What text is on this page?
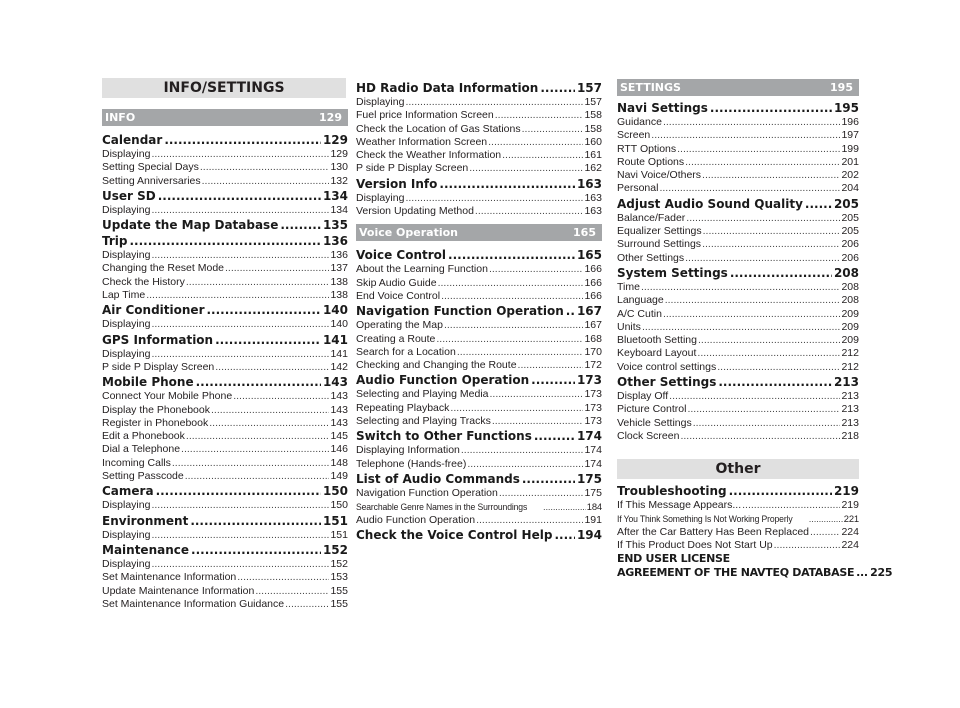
INFO/SETTINGS
INFO	129
Calendar .....	129
Displaying .....	129
Setting Special Days .....	130
Setting Anniversaries .....	132
User SD .....	134
Displaying .....	134
Update the Map Database .....	135
Trip .....	136
Displaying .....	136
Changing the Reset Mode .....	137
Check the History .....	138
Lap Time .....	138
Air Conditioner .....	140
Displaying .....	140
GPS Information .....	141
Displaying .....	141
P side P Display Screen .....	142
Mobile Phone .....	143
Connect Your Mobile Phone .....	143
Display the Phonebook .....	143
Register in Phonebook .....	143
Edit a Phonebook .....	145
Dial a Telephone .....	146
Incoming Calls .....	148
Setting Passcode .....	149
Camera .....	150
Displaying .....	150
Environment .....	151
Displaying .....	151
Maintenance .....	152
Displaying .....	152
Set Maintenance Information .....	153
Update Maintenance Information .....	155
Set Maintenance Information Guidance .....	155
HD Radio Data Information .....	157
Displaying .....	157
Fuel price Information Screen .....	158
Check the Location of Gas Stations .....	158
Weather Information Screen .....	160
Check the Weather Information .....	161
P side P Display Screen .....	162
Version Info .....	163
Displaying .....	163
Version Updating Method .....	163
Voice Operation	165
Voice Control .....	165
About the Learning Function .....	166
Skip Audio Guide .....	166
End Voice Control .....	166
Navigation Function Operation ..... 167
Operating the Map .....	167
Creating a Route .....	168
Search for a Location .....	170
Checking and Changing the Route .....	172
Audio Function Operation .....	173
Selecting and Playing Media .....	173
Repeating Playback .....	173
Selecting and Playing Tracks .....	173
Switch to Other Functions .....	174
Displaying Information .....	174
Telephone (Hands-free) .....	174
List of Audio Commands .....	175
Navigation Function Operation .....	175
Searchable Genre Names in the Surroundings .....	184
Audio Function Operation .....	191
Check the Voice Control Help ..... 194
SETTINGS	195
Navi Settings .....	195
Guidance .....	196
Screen .....	197
RTT Options .....	199
Route Options .....	201
Navi Voice/Others .....	202
Personal .....	204
Adjust Audio Sound Quality .....	205
Balance/Fader .....	205
Equalizer Settings .....	205
Surround Settings .....	206
Other Settings .....	206
System Settings .....	208
Time .....	208
Language .....	208
A/C Cutin .....	209
Units .....	209
Bluetooth Setting .....	209
Keyboard Layout .....	212
Voice control settings .....	212
Other Settings .....	213
Display Off .....	213
Picture Control .....	213
Vehicle Settings .....	213
Clock Screen .....	218
Other
Troubleshooting .....	219
If This Message Appears... .....	219
If You Think Something Is Not Working Properly .....	221
After the Car Battery Has Been Replaced .....	224
If This Product Does Not Start Up .....	224
END USER LICENSE
AGREEMENT OF THE NAVTEQ DATABASE ..... 225
